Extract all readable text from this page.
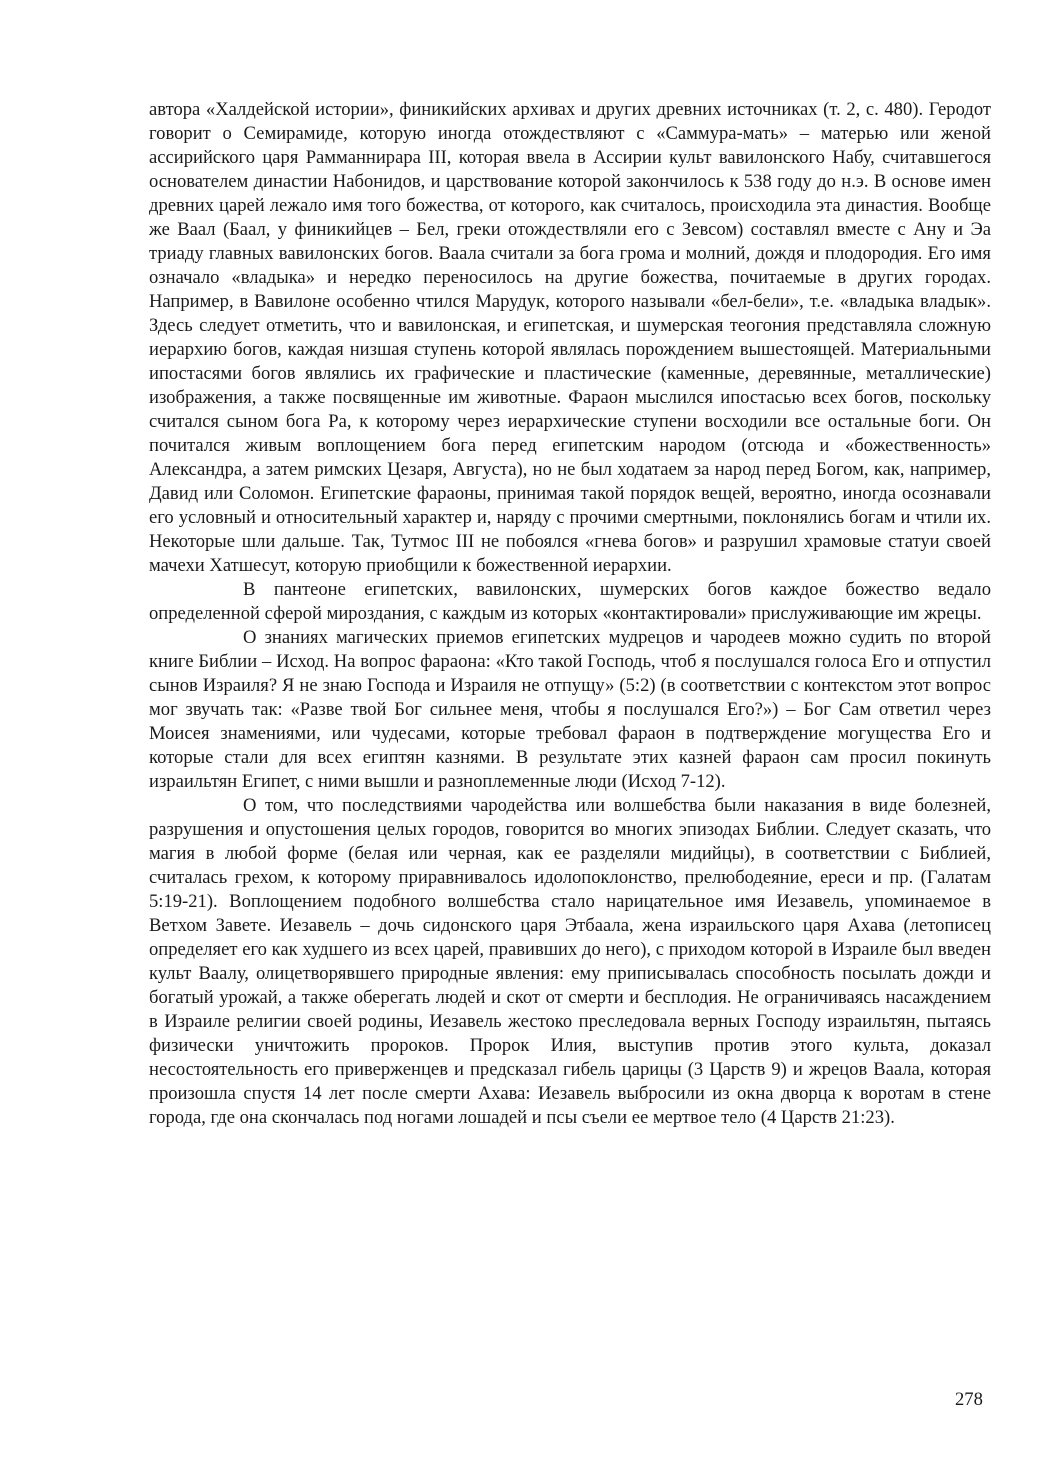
автора «Халдейской истории», финикийских архивах и других древних источниках (т. 2, с. 480). Геродот говорит о Семирамиде, которую иногда отождествляют с «Саммура-мать» – матерью или женой ассирийского царя Рамманнирара III, которая ввела в Ассирии культ вавилонского Набу, считавшегося основателем династии Набонидов, и царствование которой закончилось к 538 году до н.э. В основе имен древних царей лежало имя того божества, от которого, как считалось, происходила эта династия. Вообще же Ваал (Баал, у финикийцев – Бел, греки отождествляли его с Зевсом) составлял вместе с Ану и Эа триаду главных вавилонских богов. Ваала считали за бога грома и молний, дождя и плодородия. Его имя означало «владыка» и нередко переносилось на другие божества, почитаемые в других городах. Например, в Вавилоне особенно чтился Марудук, которого называли «бел-бели», т.е. «владыка владык». Здесь следует отметить, что и вавилонская, и египетская, и шумерская теогония представляла сложную иерархию богов, каждая низшая ступень которой являлась порождением вышестоящей. Материальными ипостасями богов являлись их графические и пластические (каменные, деревянные, металлические) изображения, а также посвященные им животные. Фараон мыслился ипостасью всех богов, поскольку считался сыном бога Ра, к которому через иерархические ступени восходили все остальные боги. Он почитался живым воплощением бога перед египетским народом (отсюда и «божественность» Александра, а затем римских Цезаря, Августа), но не был ходатаем за народ перед Богом, как, например, Давид или Соломон. Египетские фараоны, принимая такой порядок вещей, вероятно, иногда осознавали его условный и относительный характер и, наряду с прочими смертными, поклонялись богам и чтили их. Некоторые шли дальше. Так, Тутмос III не побоялся «гнева богов» и разрушил храмовые статуи своей мачехи Хатшесут, которую приобщили к божественной иерархии.

В пантеоне египетских, вавилонских, шумерских богов каждое божество ведало определенной сферой мироздания, с каждым из которых «контактировали» прислуживающие им жрецы.

О знаниях магических приемов египетских мудрецов и чародеев можно судить по второй книге Библии – Исход. На вопрос фараона: «Кто такой Господь, чтоб я послушался голоса Его и отпустил сынов Израиля? Я не знаю Господа и Израиля не отпущу» (5:2) (в соответствии с контекстом этот вопрос мог звучать так: «Разве твой Бог сильнее меня, чтобы я послушался Его?») – Бог Сам ответил через Моисея знамениями, или чудесами, которые требовал фараон в подтверждение могущества Его и которые стали для всех египтян казнями. В результате этих казней фараон сам просил покинуть израильтян Египет, с ними вышли и разноплеменные люди (Исход 7-12).

О том, что последствиями чародейства или волшебства были наказания в виде болезней, разрушения и опустошения целых городов, говорится во многих эпизодах Библии. Следует сказать, что магия в любой форме (белая или черная, как ее разделяли мидийцы), в соответствии с Библией, считалась грехом, к которому приравнивалось идолопоклонство, прелюбодеяние, ереси и пр. (Галатам 5:19-21). Воплощением подобного волшебства стало нарицательное имя Иезавель, упоминаемое в Ветхом Завете. Иезавель – дочь сидонского царя Этбаала, жена израильского царя Ахава (летописец определяет его как худшего из всех царей, правивших до него), с приходом которой в Израиле был введен культ Ваалу, олицетворявшего природные явления: ему приписывалась способность посылать дожди и богатый урожай, а также оберегать людей и скот от смерти и бесплодия. Не ограничиваясь насаждением в Израиле религии своей родины, Иезавель жестоко преследовала верных Господу израильтян, пытаясь физически уничтожить пророков. Пророк Илия, выступив против этого культа, доказал несостоятельность его приверженцев и предсказал гибель царицы (3 Царств 9) и жрецов Ваала, которая произошла спустя 14 лет после смерти Ахава: Иезавель выбросили из окна дворца к воротам в стене города, где она скончалась под ногами лошадей и псы съели ее мертвое тело (4 Царств 21:23).

278
